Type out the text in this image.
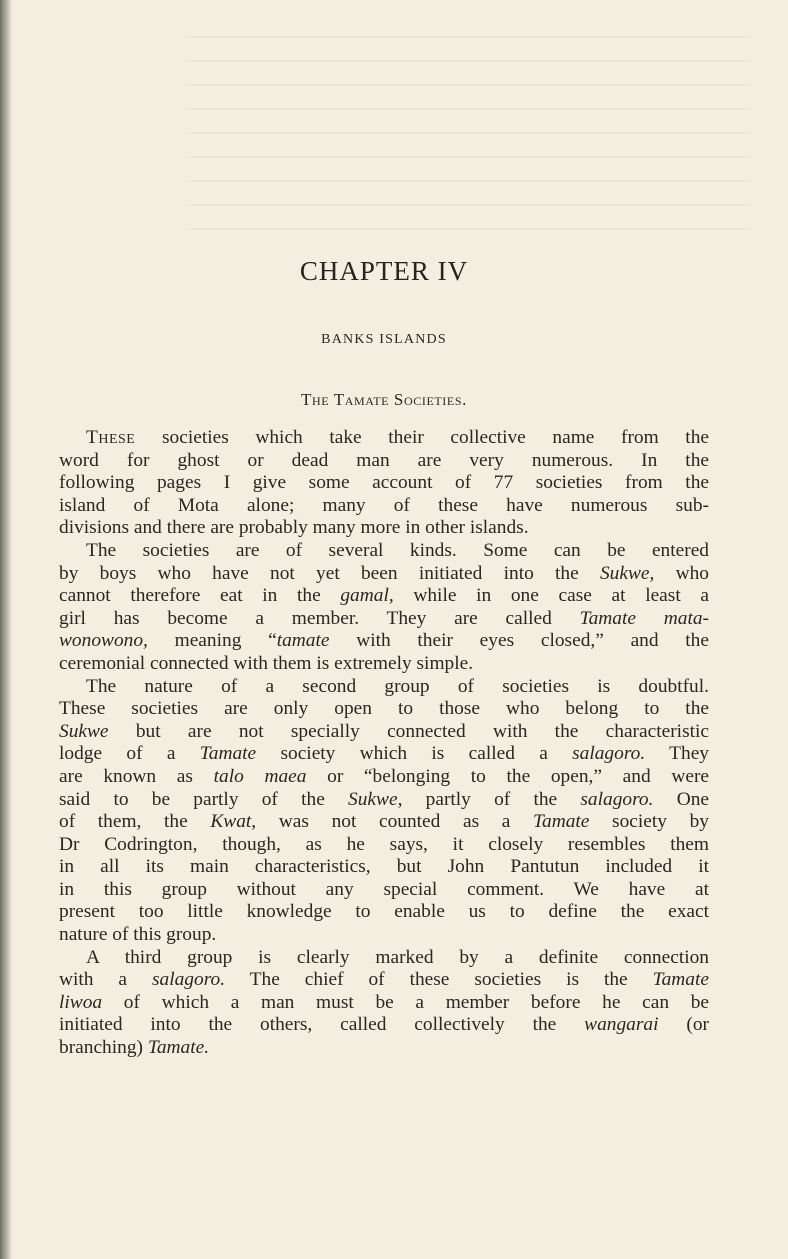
CHAPTER IV
BANKS ISLANDS
The Tamate Societies.
These societies which take their collective name from the
word for ghost or dead man are very numerous. In the
following pages I give some account of 77 societies from the
island of Mota alone; many of these have numerous sub-
divisions and there are probably many more in other islands.
The societies are of several kinds. Some can be entered
by boys who have not yet been initiated into the Sukwe, who
cannot therefore eat in the gamal, while in one case at least a
girl has become a member. They are called Tamate mata-
wonowono, meaning “tamate with their eyes closed,” and the
ceremonial connected with them is extremely simple.
The nature of a second group of societies is doubtful.
These societies are only open to those who belong to the
Sukwe but are not specially connected with the characteristic
lodge of a Tamate society which is called a salagoro. They
are known as talo maea or “belonging to the open,” and were
said to be partly of the Sukwe, partly of the salagoro. One
of them, the Kwat, was not counted as a Tamate society by
Dr Codrington, though, as he says, it closely resembles them
in all its main characteristics, but John Pantutun included it
in this group without any special comment. We have at
present too little knowledge to enable us to define the exact
nature of this group.
A third group is clearly marked by a definite connection
with a salagoro. The chief of these societies is the Tamate
liwoa of which a man must be a member before he can be
initiated into the others, called collectively the wangarai (or
branching) Tamate.
